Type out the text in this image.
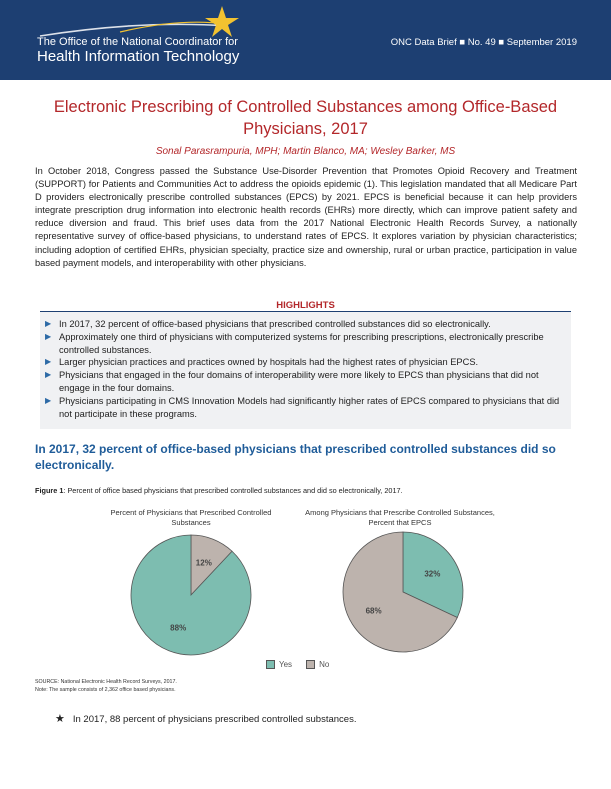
The Office of the National Coordinator for
Health Information Technology
ONC Data Brief ■ No. 49 ■ September 2019
Electronic Prescribing of Controlled Substances among Office-Based Physicians, 2017
Sonal Parasrampuria, MPH; Martin Blanco, MA; Wesley Barker, MS

In October 2018, Congress passed the Substance Use-Disorder Prevention that Promotes Opioid Recovery and Treatment (SUPPORT) for Patients and Communities Act to address the opioids epidemic (1). This legislation mandated that all Medicare Part D providers electronically prescribe controlled substances (EPCS) by 2021. EPCS is beneficial because it can help providers integrate prescription drug information into electronic health records (EHRs) more directly, which can improve patient safety and reduce diversion and fraud. This brief uses data from the 2017 National Electronic Health Records Survey, a nationally representative survey of office-based physicians, to understand rates of EPCS. It explores variation by physician characteristics; including adoption of certified EHRs, physician specialty, practice size and ownership, rural or urban practice, participation in value based payment models, and interoperability with other physicians.

HIGHLIGHTS
▶ In 2017, 32 percent of office-based physicians that prescribed controlled substances did so electronically.
▶ Approximately one third of physicians with computerized systems for prescribing prescriptions, electronically prescribe controlled substances.
▶ Larger physician practices and practices owned by hospitals had the highest rates of physician EPCS.
▶ Physicians that engaged in the four domains of interoperability were more likely to EPCS than physicians that did not engage in the four domains.
▶ Physicians participating in CMS Innovation Models had significantly higher rates of EPCS compared to physicians that did not participate in these programs.
In 2017, 32 percent of office-based physicians that prescribed controlled substances did so electronically.
Figure 1: Percent of office based physicians that prescribed controlled substances and did so electronically, 2017.
Percent of Physicians that Prescribed Controlled Substances
Among Physicians that Prescribe Controlled Substances, Percent that EPCS
12%
88%
32%
68%
Yes	No
SOURCE: National Electronic Health Record Surveys, 2017.
Note: The sample consists of 2,362 office based physicians.
★ In 2017, 88 percent of physicians prescribed controlled substances.
